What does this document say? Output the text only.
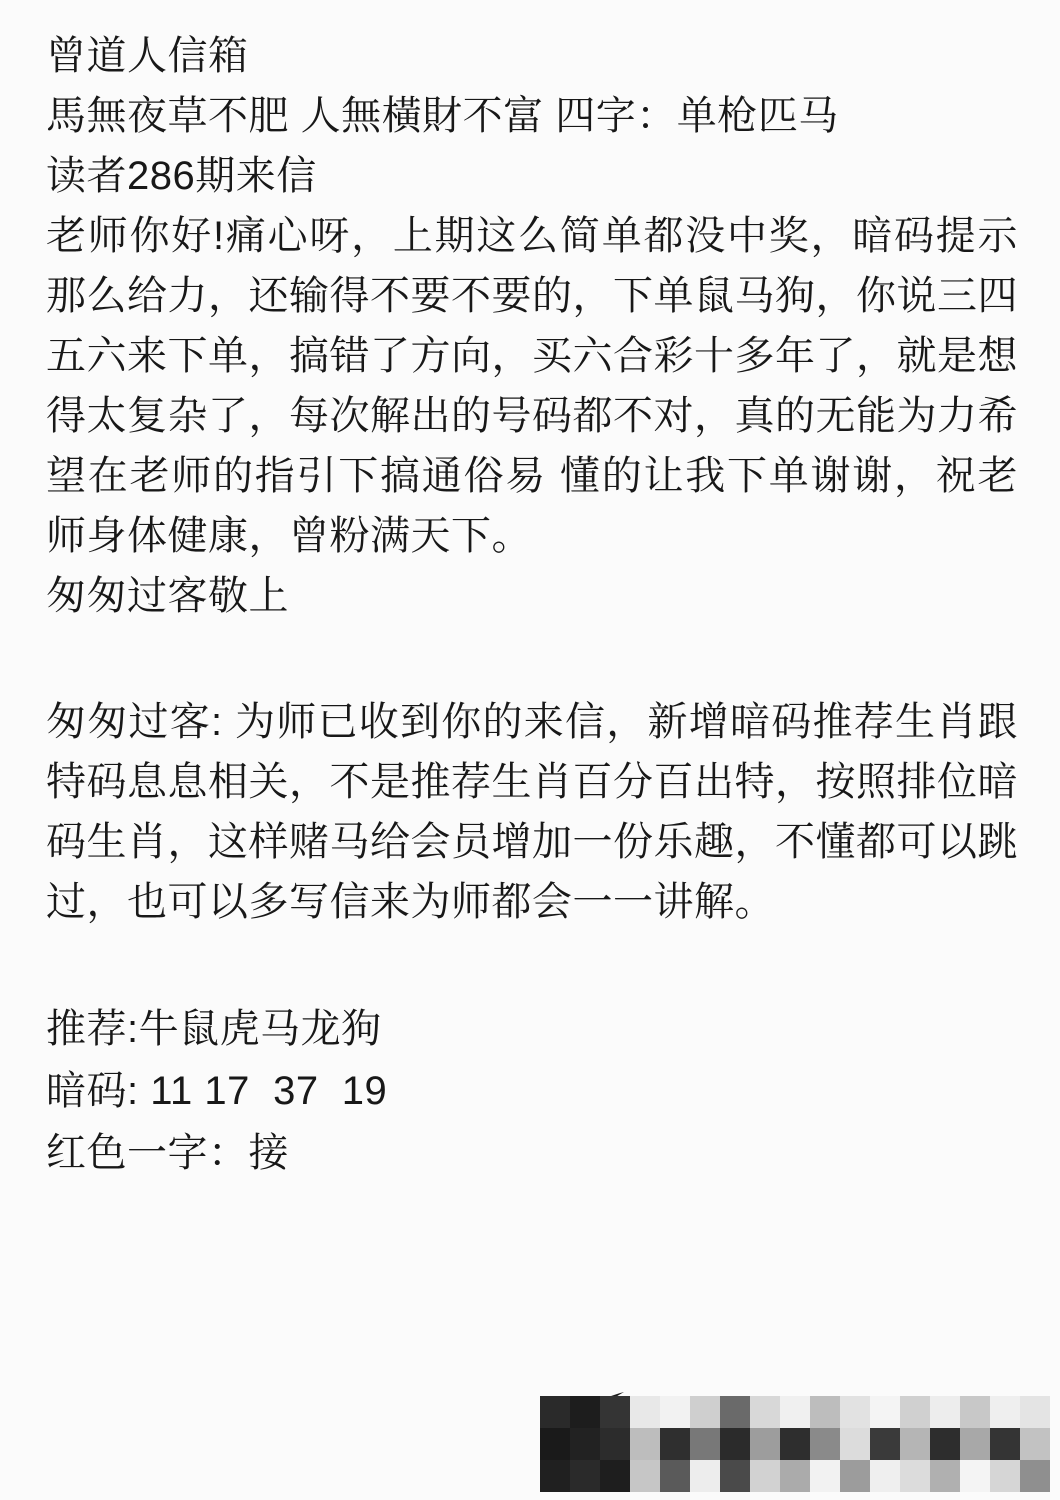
曾道人信箱
馬無夜草不肥 人無橫財不富 四字：单枪匹马
读者286期来信
老师你好!痛心呀，上期这么简单都没中奖，暗码提示那么给力，还输得不要不要的，下单鼠马狗，你说三四五六来下单，搞错了方向，买六合彩十多年了，就是想得太复杂了，每次解出的号码都不对，真的无能为力希望在老师的指引下搞通俗易 懂的让我下单谢谢，祝老师身体健康，曾粉满天下。
匆匆过客敬上
匆匆过客: 为师已收到你的来信，新增暗码推荐生肖跟特码息息相关，不是推荐生肖百分百出特，按照排位暗码生肖，这样赌马给会员增加一份乐趣，不懂都可以跳过，也可以多写信来为师都会一一讲解。
推荐:牛鼠虎马龙狗
暗码: 11 17  37  19
红色一字：接
